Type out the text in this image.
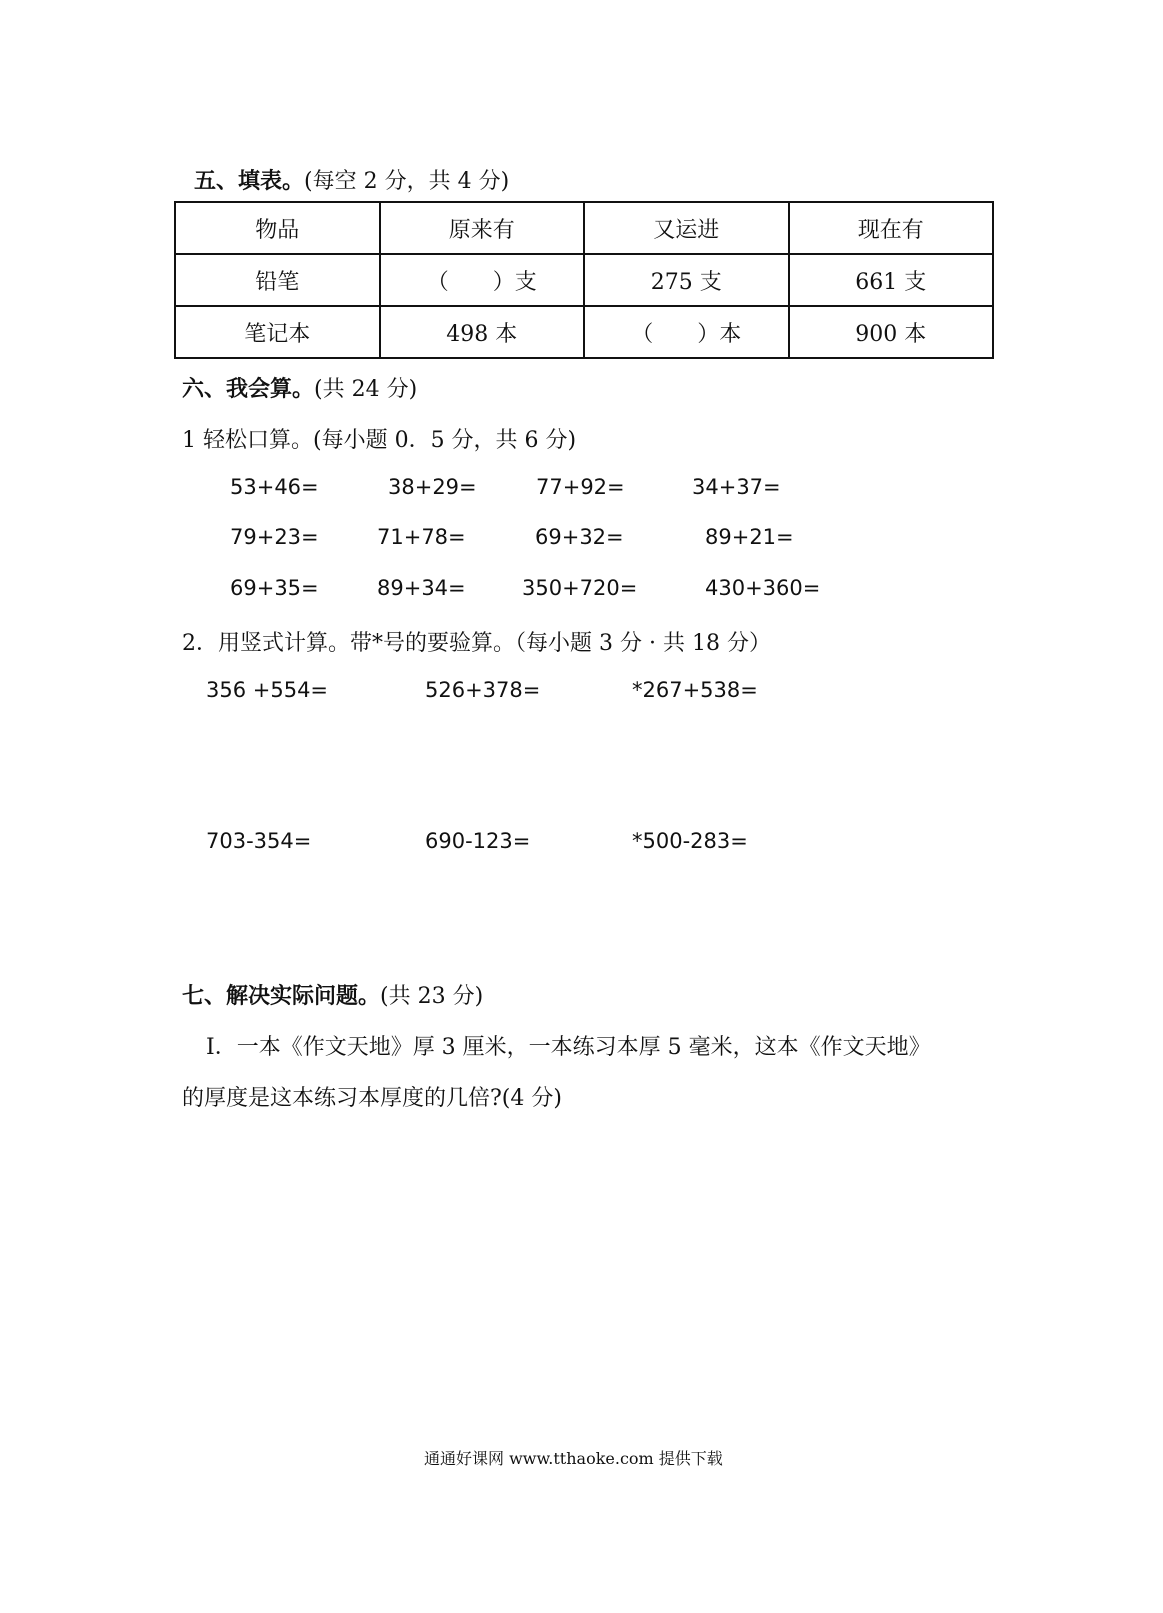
五、填表。(每空 2 分，共 4 分)
物品	原来有	又运进	现在有
铅笔	（　　）支	275 支	661 支
笔记本	498 本	（　　）本	900 本
六、我会算。(共 24 分)
1 轻松口算。(每小题 0．5 分，共 6 分)
53+46=	38+29=	77+92=	34+37=
79+23=	71+78=	69+32=	89+21=
69+35=	89+34=	350+720=	430+360=
2．用竖式计算。带*号的要验算。（每小题 3 分 · 共 18 分）
356 +554=	526+378=	*267+538=
703-354=	690-123=	*500-283=
七、解决实际问题。(共 23 分)
I．一本《作文天地》厚 3 厘米，一本练习本厚 5 毫米，这本《作文天地》
的厚度是这本练习本厚度的几倍?(4 分)
通通好课网 www.tthaoke.com 提供下载
